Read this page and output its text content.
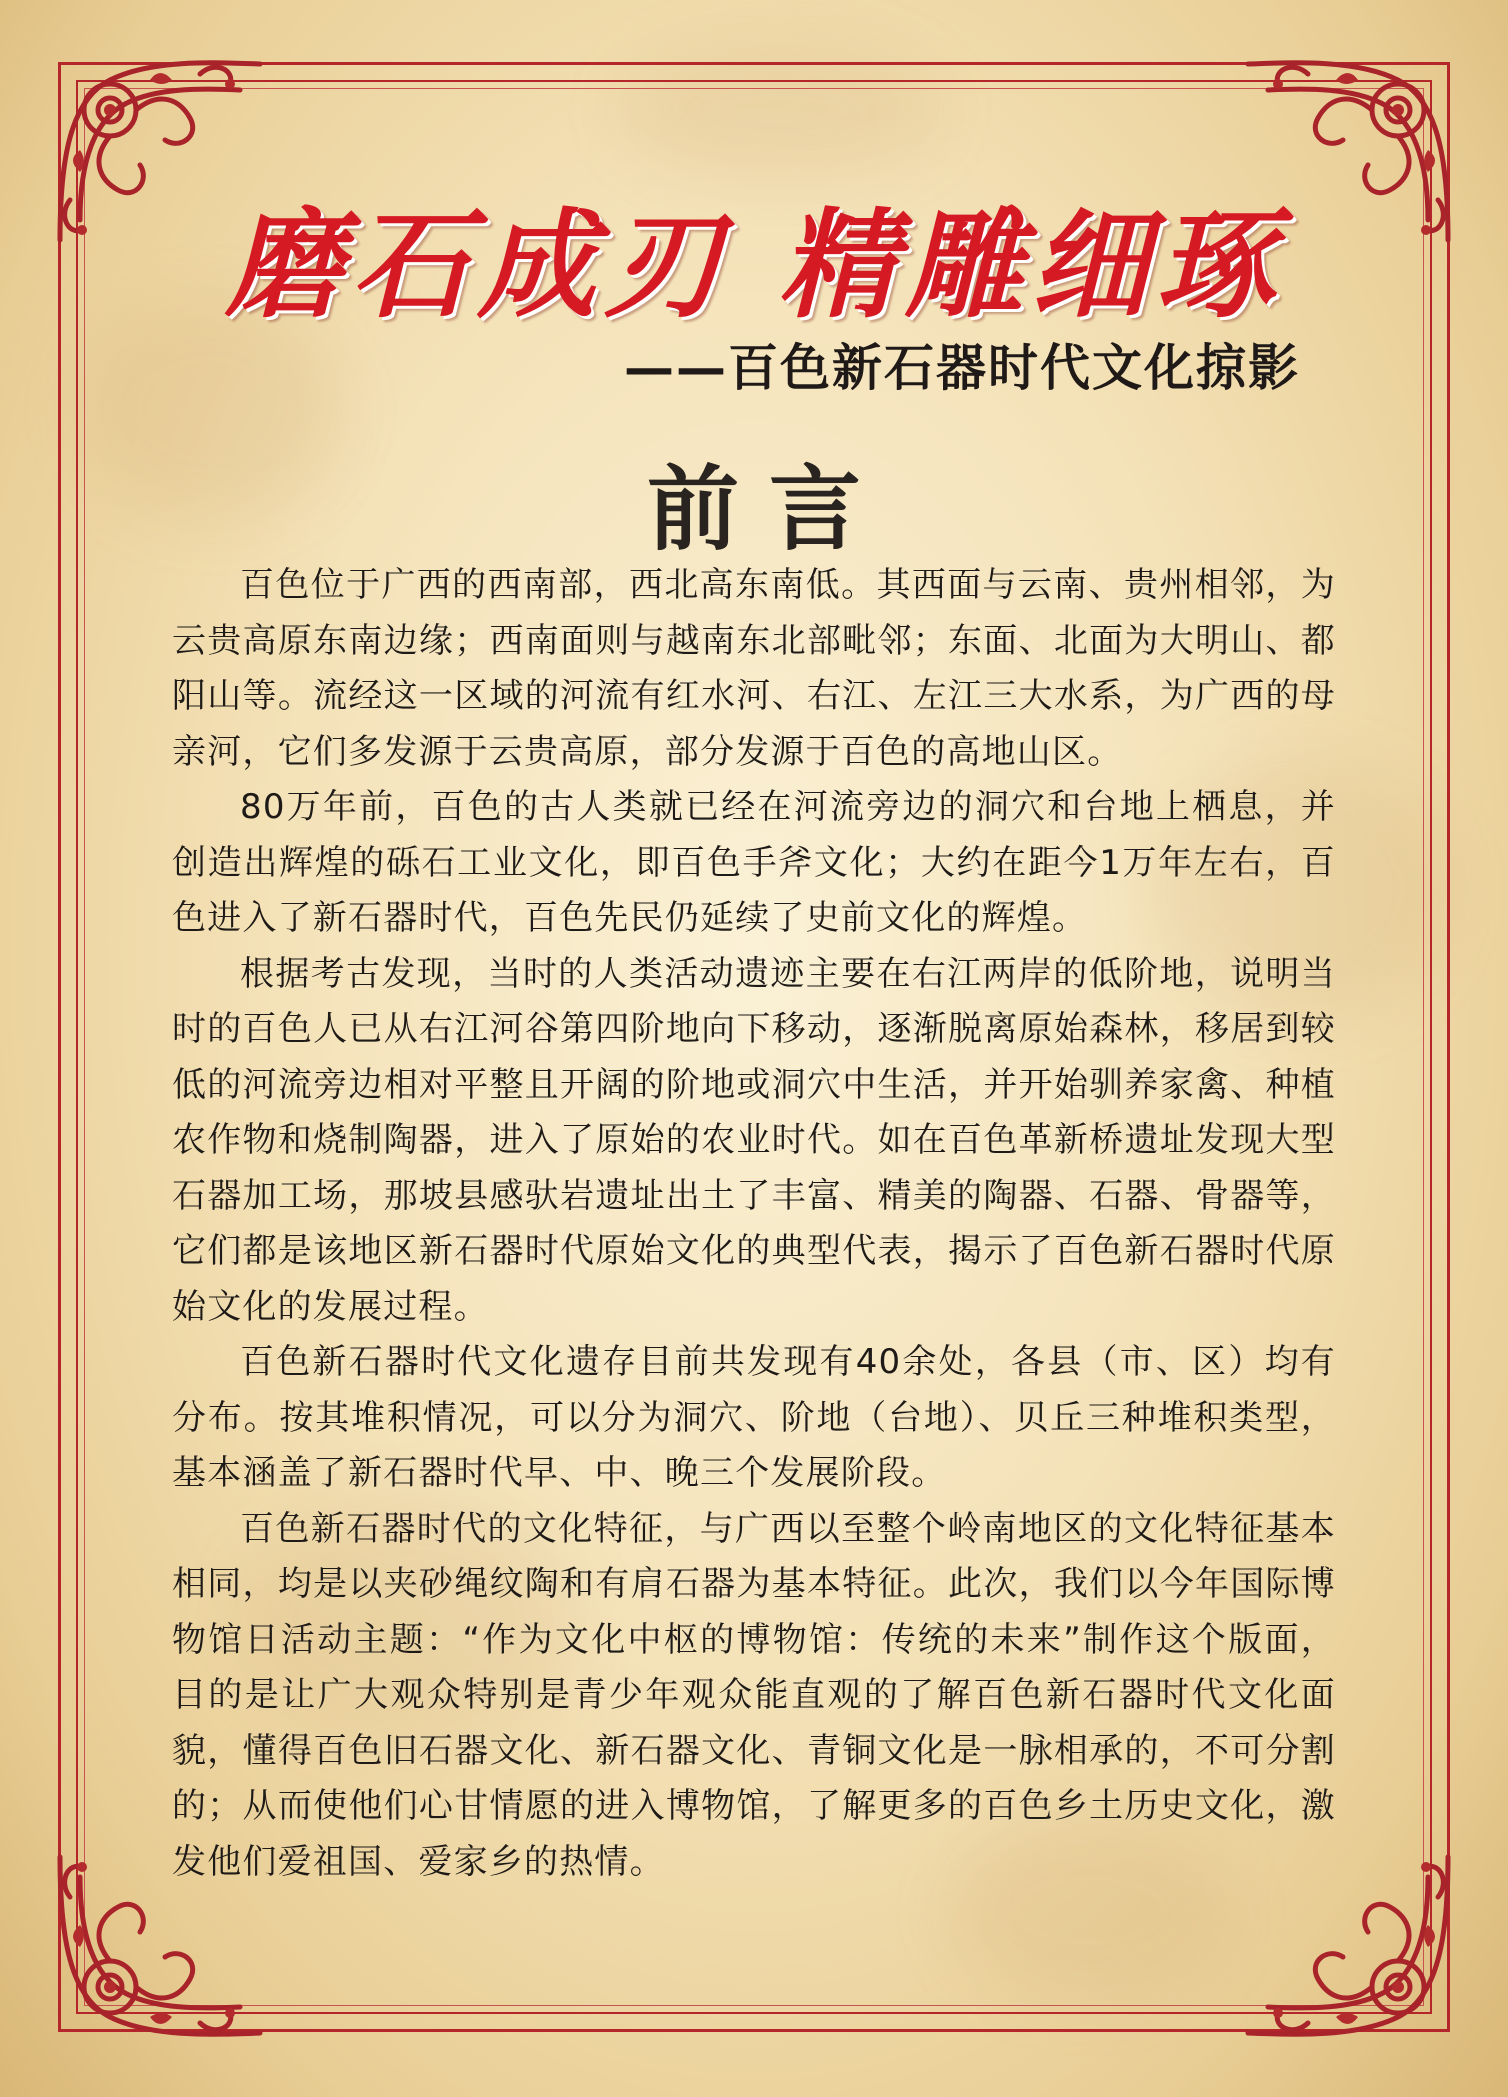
磨石成刃 精雕细琢
——百色新石器时代文化掠影
前言

百色位于广西的西南部，西北高东南低。其西面与云南、贵州相邻，为云贵高原东南边缘；西南面则与越南东北部毗邻；东面、北面为大明山、都阳山等。流经这一区域的河流有红水河、右江、左江三大水系，为广西的母亲河，它们多发源于云贵高原，部分发源于百色的高地山区。

80万年前，百色的古人类就已经在河流旁边的洞穴和台地上栖息，并创造出辉煌的砾石工业文化，即百色手斧文化；大约在距今1万年左右，百色进入了新石器时代，百色先民仍延续了史前文化的辉煌。

根据考古发现，当时的人类活动遗迹主要在右江两岸的低阶地，说明当时的百色人已从右江河谷第四阶地向下移动，逐渐脱离原始森林，移居到较低的河流旁边相对平整且开阔的阶地或洞穴中生活，并开始驯养家禽、种植农作物和烧制陶器，进入了原始的农业时代。如在百色革新桥遗址发现大型石器加工场，那坡县感驮岩遗址出土了丰富、精美的陶器、石器、骨器等，它们都是该地区新石器时代原始文化的典型代表，揭示了百色新石器时代原始文化的发展过程。

百色新石器时代文化遗存目前共发现有40余处，各县（市、区）均有分布。按其堆积情况，可以分为洞穴、阶地（台地）、贝丘三种堆积类型，基本涵盖了新石器时代早、中、晚三个发展阶段。

百色新石器时代的文化特征，与广西以至整个岭南地区的文化特征基本相同，均是以夹砂绳纹陶和有肩石器为基本特征。此次，我们以今年国际博物馆日活动主题：“作为文化中枢的博物馆：传统的未来”制作这个版面，目的是让广大观众特别是青少年观众能直观的了解百色新石器时代文化面貌，懂得百色旧石器文化、新石器文化、青铜文化是一脉相承的，不可分割的；从而使他们心甘情愿的进入博物馆，了解更多的百色乡土历史文化，激发他们爱祖国、爱家乡的热情。
